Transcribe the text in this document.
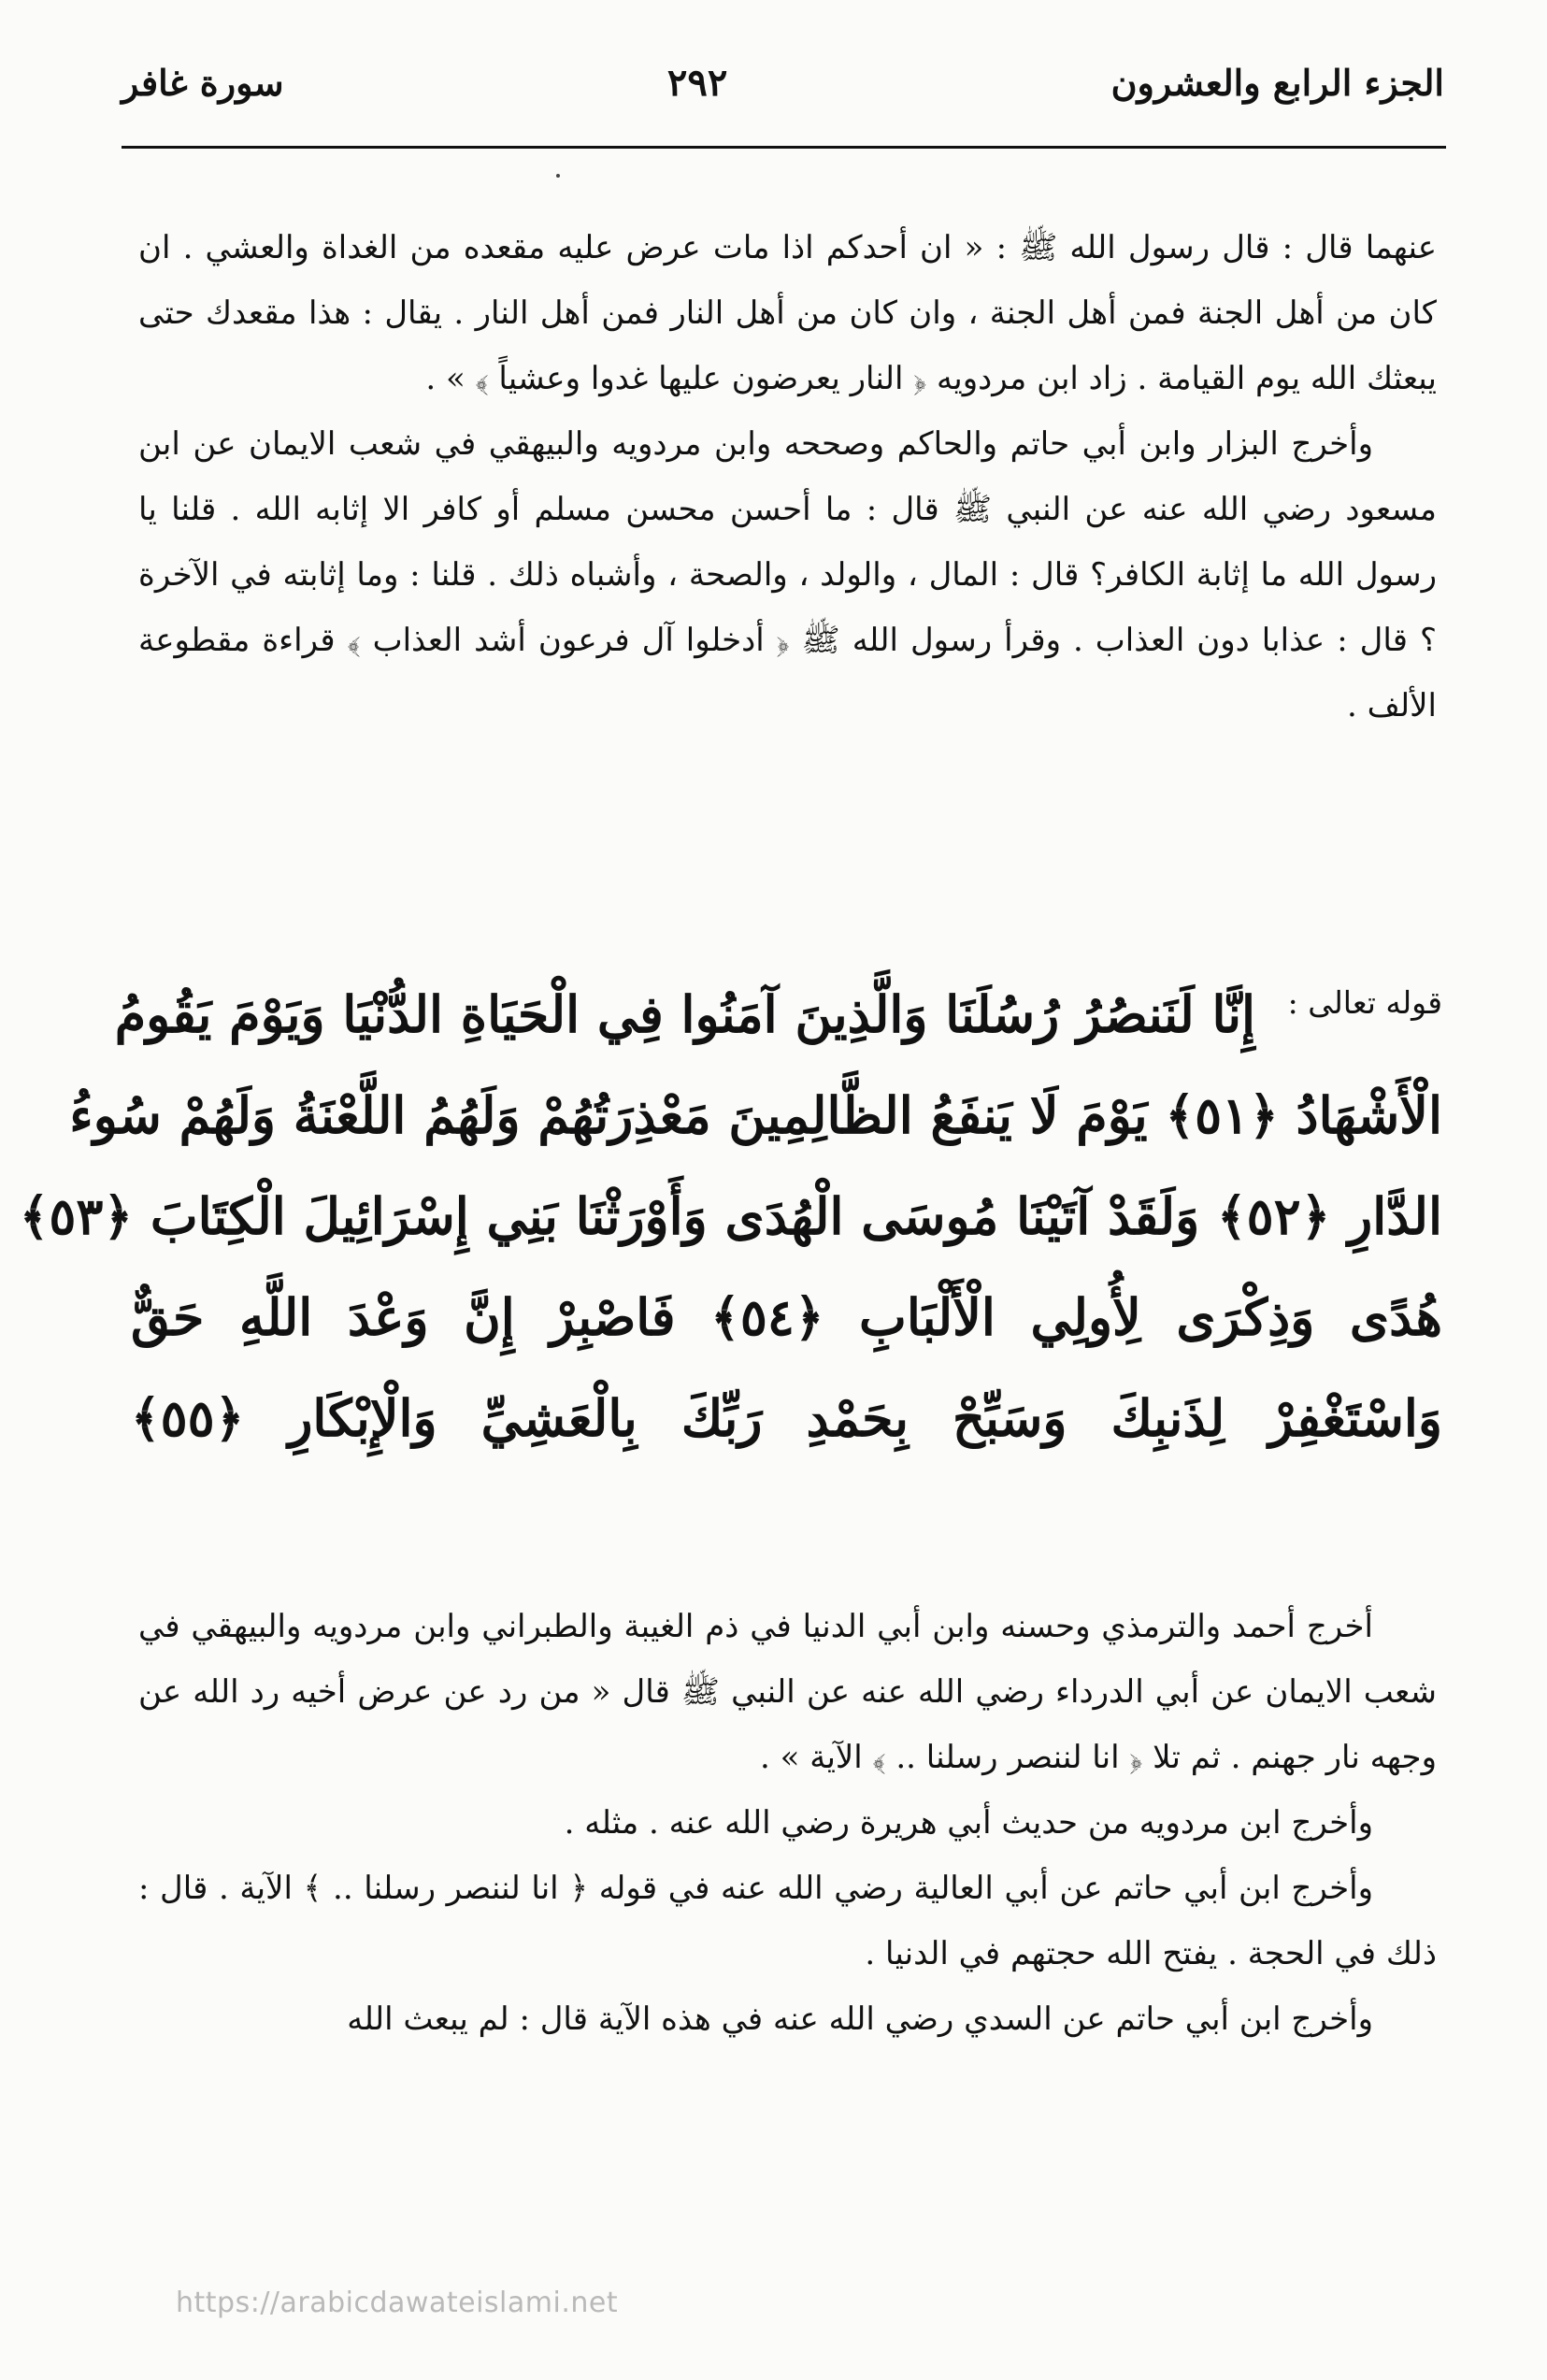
الجزء الرابع والعشرون
٢٩٢
سورة غافر

عنهما قال : قال رسول الله ﷺ : « ان أحدكم اذا مات عرض عليه مقعده من الغداة والعشي . ان كان من أهل الجنة فمن أهل الجنة ، وان كان من أهل النار فمن أهل النار . يقال : هذا مقعدك حتى يبعثك الله يوم القيامة . زاد ابن مردويه ﴿ النار يعرضون عليها غدوا وعشياً ﴾ » .

وأخرج البزار وابن أبي حاتم والحاكم وصححه وابن مردويه والبيهقي في شعب الايمان عن ابن مسعود رضي الله عنه عن النبي ﷺ قال : ما أحسن محسن مسلم أو كافر الا إثابه الله . قلنا يا رسول الله ما إثابة الكافر؟ قال : المال ، والولد ، والصحة ، وأشباه ذلك . قلنا : وما إثابته في الآخرة ؟ قال : عذابا دون العذاب . وقرأ رسول الله ﷺ ﴿ أدخلوا آل فرعون أشد العذاب ﴾ قراءة مقطوعة الألف .

قوله تعالى :
إِنَّا لَنَنصُرُ رُسُلَنَا وَالَّذِينَ آمَنُوا فِي الْحَيَاةِ الدُّنْيَا وَيَوْمَ يَقُومُ
الْأَشْهَادُ ﴿٥١﴾ يَوْمَ لَا يَنفَعُ الظَّالِمِينَ مَعْذِرَتُهُمْ وَلَهُمُ اللَّعْنَةُ وَلَهُمْ سُوءُ
الدَّارِ ﴿٥٢﴾ وَلَقَدْ آتَيْنَا مُوسَى الْهُدَى وَأَوْرَثْنَا بَنِي إِسْرَائِيلَ الْكِتَابَ ﴿٥٣﴾
هُدًى وَذِكْرَى لِأُولِي الْأَلْبَابِ ﴿٥٤﴾ فَاصْبِرْ إِنَّ وَعْدَ اللَّهِ حَقٌّ
وَاسْتَغْفِرْ لِذَنبِكَ وَسَبِّحْ بِحَمْدِ رَبِّكَ بِالْعَشِيِّ وَالْإِبْكَارِ ﴿٥٥﴾

أخرج أحمد والترمذي وحسنه وابن أبي الدنيا في ذم الغيبة والطبراني وابن مردويه والبيهقي في شعب الايمان عن أبي الدرداء رضي الله عنه عن النبي ﷺ قال « من رد عن عرض أخيه رد الله عن وجهه نار جهنم . ثم تلا ﴿ انا لننصر رسلنا .. ﴾ الآية » .

وأخرج ابن مردويه من حديث أبي هريرة رضي الله عنه . مثله .

وأخرج ابن أبي حاتم عن أبي العالية رضي الله عنه في قوله ﴿ انا لننصر رسلنا .. ﴾ الآية . قال : ذلك في الحجة . يفتح الله حجتهم في الدنيا .

وأخرج ابن أبي حاتم عن السدي رضي الله عنه في هذه الآية قال : لم يبعث الله

https://arabicdawateislami.net
